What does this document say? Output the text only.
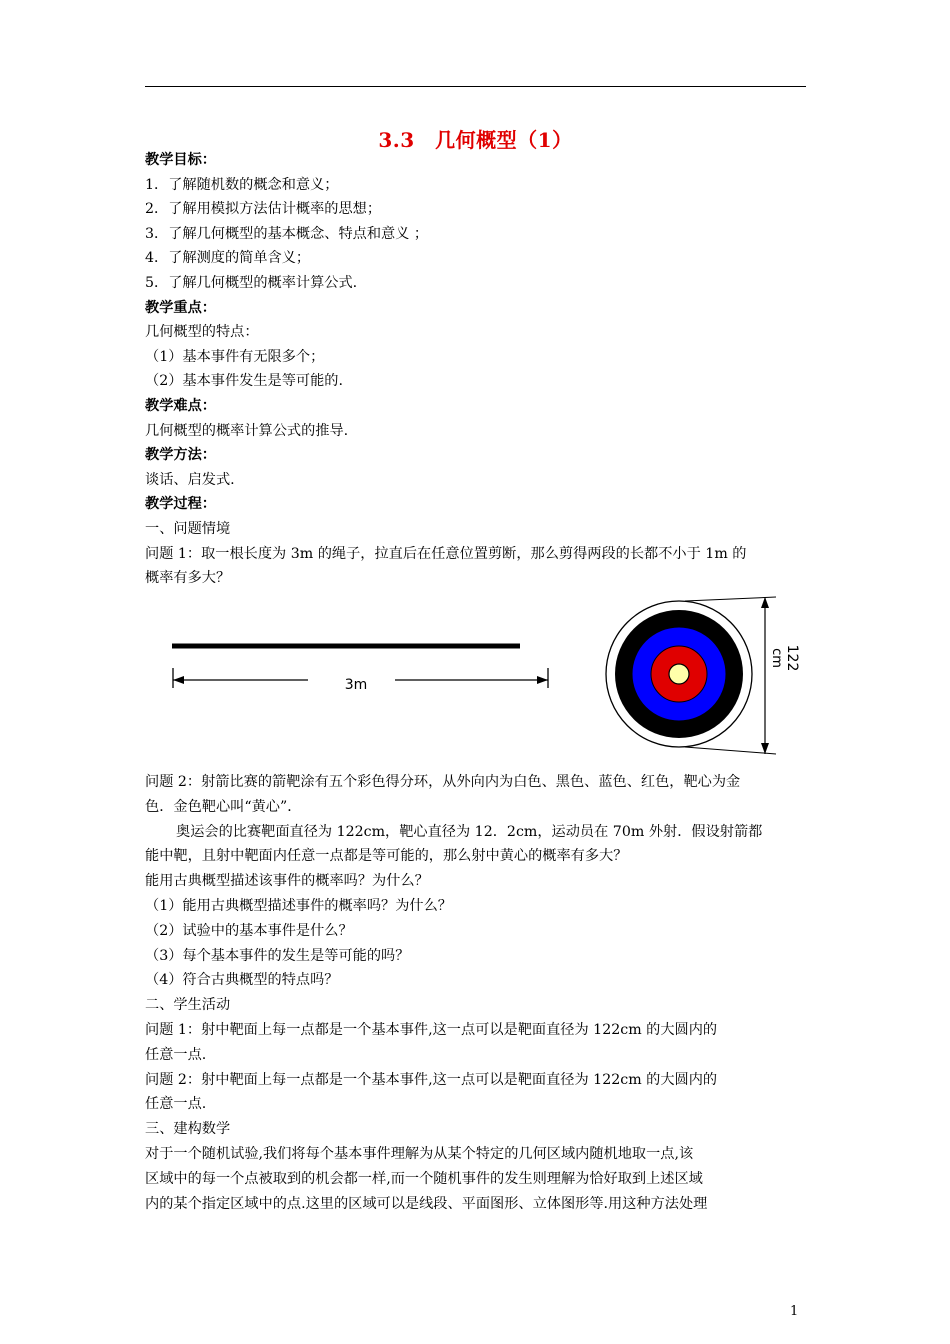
3.3　几何概型（1）
教学目标：
1．了解随机数的概念和意义；
2．了解用模拟方法估计概率的思想；
3．了解几何概型的基本概念、特点和意义 ；
4．了解测度的简单含义；
5．了解几何概型的概率计算公式.
教学重点：
几何概型的特点：
（1）基本事件有无限多个；
（2）基本事件发生是等可能的.
教学难点：
几何概型的概率计算公式的推导.
教学方法：
谈话、启发式.
教学过程：
一、问题情境
问题 1：取一根长度为 3m 的绳子，拉直后在任意位置剪断，那么剪得两段的长都不小于 1m 的
概率有多大？
3m
122
cm
问题 2：射箭比赛的箭靶涂有五个彩色得分环，从外向内为白色、黑色、蓝色、红色，靶心为金
色．金色靶心叫“黄心”．
奥运会的比赛靶面直径为 122cm，靶心直径为 12．2cm，运动员在 70m 外射．假设射箭都
能中靶，且射中靶面内任意一点都是等可能的，那么射中黄心的概率有多大？
能用古典概型描述该事件的概率吗？为什么？
（1）能用古典概型描述事件的概率吗？为什么？
（2）试验中的基本事件是什么？
（3）每个基本事件的发生是等可能的吗？
（4）符合古典概型的特点吗？
二、学生活动
问题 1：射中靶面上每一点都是一个基本事件,这一点可以是靶面直径为 122cm 的大圆内的
任意一点.
问题 2：射中靶面上每一点都是一个基本事件,这一点可以是靶面直径为 122cm 的大圆内的
任意一点.
三、建构数学
对于一个随机试验,我们将每个基本事件理解为从某个特定的几何区域内随机地取一点,该
区域中的每一个点被取到的机会都一样,而一个随机事件的发生则理解为恰好取到上述区域
内的某个指定区域中的点.这里的区域可以是线段、平面图形、立体图形等.用这种方法处理
1
